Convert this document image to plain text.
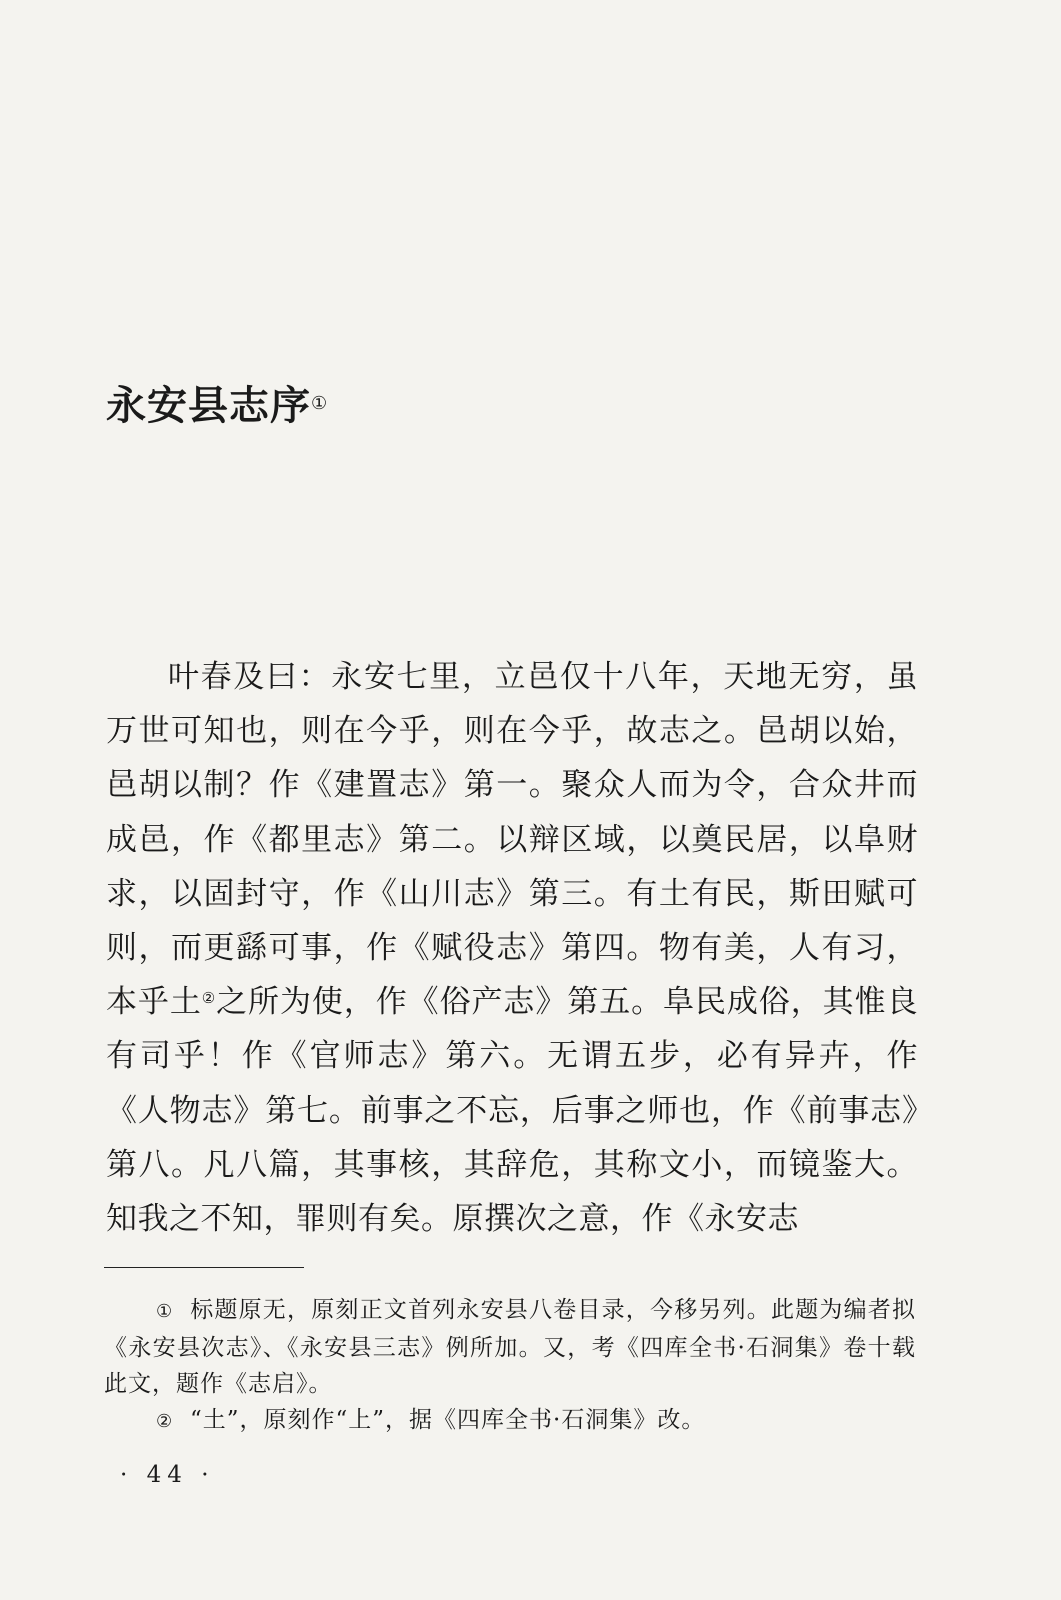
永安县志序①

叶春及曰：永安七里，立邑仅十八年，天地无穷，虽万世可知也，则在今乎，则在今乎，故志之。邑胡以始，邑胡以制？作《建置志》第一。聚众人而为令，合众井而成邑，作《都里志》第二。以辩区域，以奠民居，以阜财求，以固封守，作《山川志》第三。有土有民，斯田赋可则，而更繇可事，作《赋役志》第四。物有美，人有习，本乎土②之所为使，作《俗产志》第五。阜民成俗，其惟良有司乎！作《官师志》第六。无谓五步，必有异卉，作《人物志》第七。前事之不忘，后事之师也，作《前事志》第八。凡八篇，其事核，其辞危，其称文小，而镜鉴大。知我之不知，罪则有矣。原撰次之意，作《永安志

① 标题原无，原刻正文首列永安县八卷目录，今移另列。此题为编者拟《永安县次志》、《永安县三志》例所加。又，考《四库全书·石洞集》卷十载此文，题作《志启》。

② “土”，原刻作“上”，据《四库全书·石洞集》改。

· 44 ·
